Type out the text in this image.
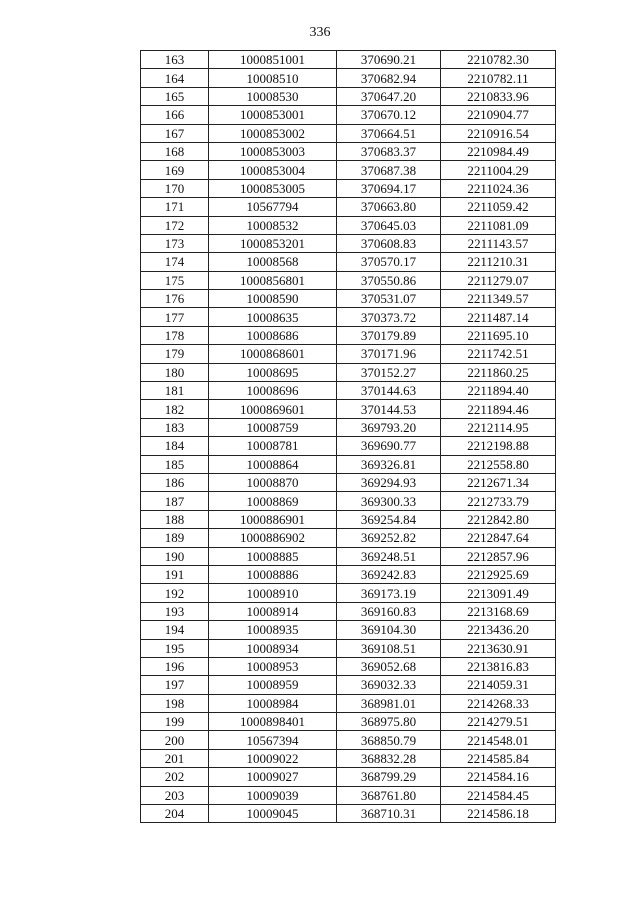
336
163	1000851001	370690.21	2210782.30
164	10008510	370682.94	2210782.11
165	10008530	370647.20	2210833.96
166	1000853001	370670.12	2210904.77
167	1000853002	370664.51	2210916.54
168	1000853003	370683.37	2210984.49
169	1000853004	370687.38	2211004.29
170	1000853005	370694.17	2211024.36
171	10567794	370663.80	2211059.42
172	10008532	370645.03	2211081.09
173	1000853201	370608.83	2211143.57
174	10008568	370570.17	2211210.31
175	1000856801	370550.86	2211279.07
176	10008590	370531.07	2211349.57
177	10008635	370373.72	2211487.14
178	10008686	370179.89	2211695.10
179	1000868601	370171.96	2211742.51
180	10008695	370152.27	2211860.25
181	10008696	370144.63	2211894.40
182	1000869601	370144.53	2211894.46
183	10008759	369793.20	2212114.95
184	10008781	369690.77	2212198.88
185	10008864	369326.81	2212558.80
186	10008870	369294.93	2212671.34
187	10008869	369300.33	2212733.79
188	1000886901	369254.84	2212842.80
189	1000886902	369252.82	2212847.64
190	10008885	369248.51	2212857.96
191	10008886	369242.83	2212925.69
192	10008910	369173.19	2213091.49
193	10008914	369160.83	2213168.69
194	10008935	369104.30	2213436.20
195	10008934	369108.51	2213630.91
196	10008953	369052.68	2213816.83
197	10008959	369032.33	2214059.31
198	10008984	368981.01	2214268.33
199	1000898401	368975.80	2214279.51
200	10567394	368850.79	2214548.01
201	10009022	368832.28	2214585.84
202	10009027	368799.29	2214584.16
203	10009039	368761.80	2214584.45
204	10009045	368710.31	2214586.18
